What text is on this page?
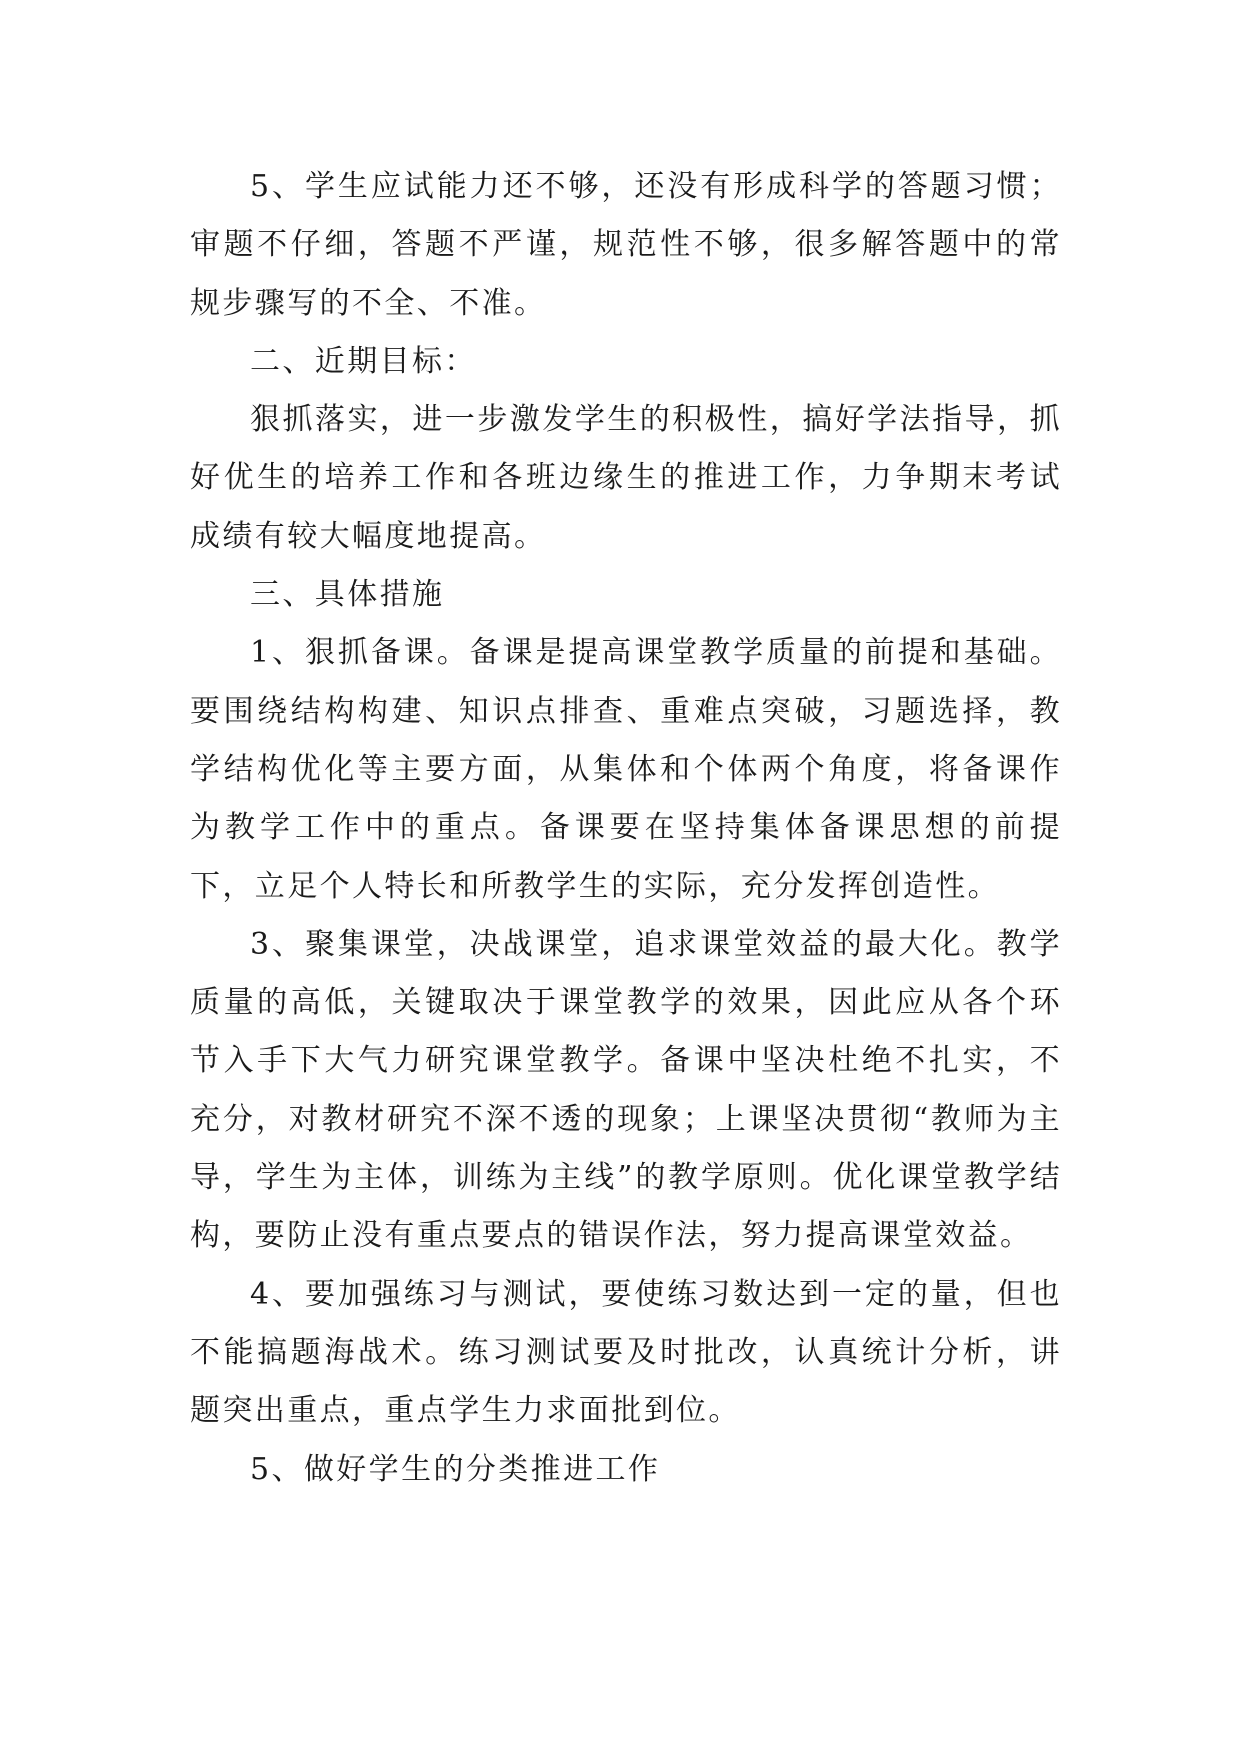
5、学生应试能力还不够，还没有形成科学的答题习惯；审题不仔细，答题不严谨，规范性不够，很多解答题中的常规步骤写的不全、不准。

二、近期目标：

狠抓落实，进一步激发学生的积极性，搞好学法指导，抓好优生的培养工作和各班边缘生的推进工作，力争期末考试成绩有较大幅度地提高。

三、具体措施

1、狠抓备课。备课是提高课堂教学质量的前提和基础。要围绕结构构建、知识点排查、重难点突破，习题选择，教学结构优化等主要方面，从集体和个体两个角度，将备课作为教学工作中的重点。备课要在坚持集体备课思想的前提下，立足个人特长和所教学生的实际，充分发挥创造性。

3、聚集课堂，决战课堂，追求课堂效益的最大化。教学质量的高低，关键取决于课堂教学的效果，因此应从各个环节入手下大气力研究课堂教学。备课中坚决杜绝不扎实，不充分，对教材研究不深不透的现象；上课坚决贯彻“教师为主导，学生为主体，训练为主线”的教学原则。优化课堂教学结构，要防止没有重点要点的错误作法，努力提高课堂效益。

4、要加强练习与测试，要使练习数达到一定的量，但也不能搞题海战术。练习测试要及时批改，认真统计分析，讲题突出重点，重点学生力求面批到位。

5、做好学生的分类推进工作
